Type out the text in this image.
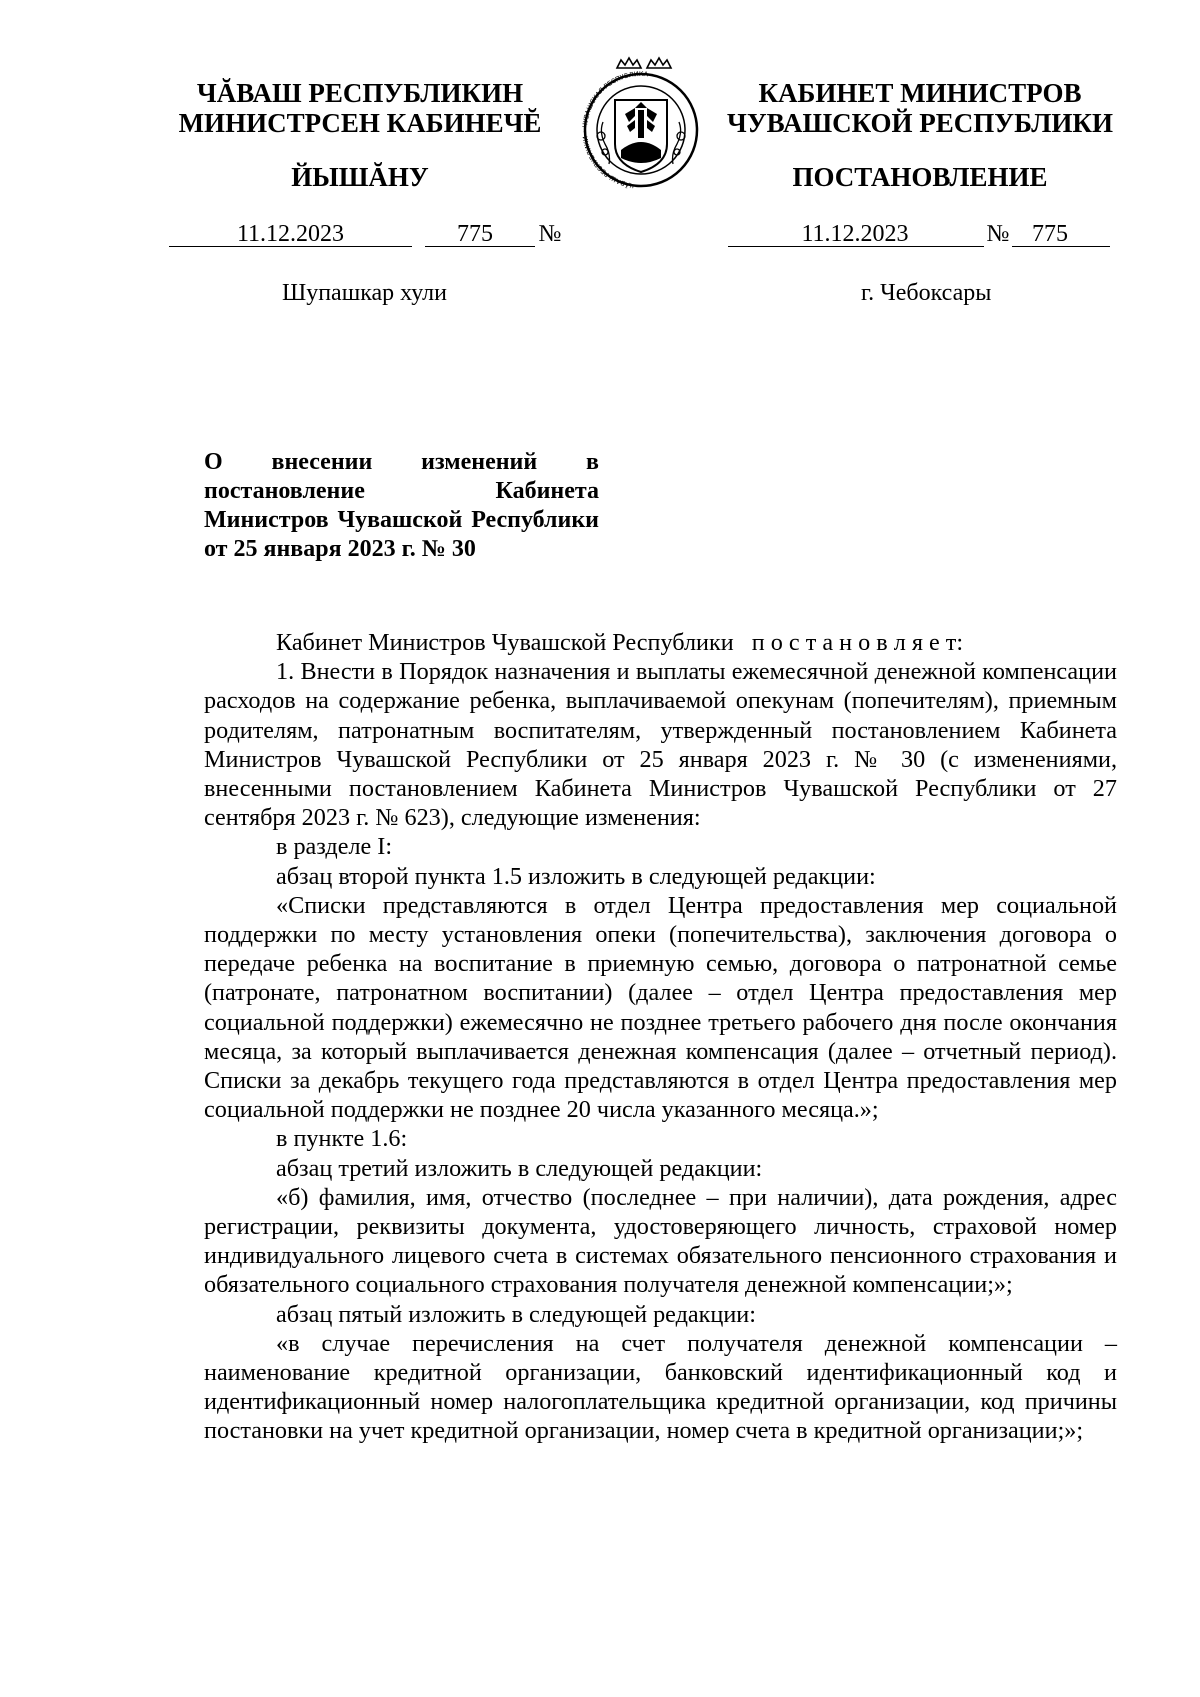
ЧĂВАШ РЕСПУБЛИКИН
МИНИСТРСЕН КАБИНЕЧĔ
ЙЫШĂНУ
11.12.2023	775	№
Шупашкар хули
ЧĂВАШ РЕСПУБЛИКИ • ЧУВАШСКАЯ РЕСПУБЛИКА •
КАБИНЕТ МИНИСТРОВ
ЧУВАШСКОЙ РЕСПУБЛИКИ
ПОСТАНОВЛЕНИЕ
11.12.2023	№ 775
г. Чебоксары
О внесении изменений в постановление Кабинета Министров Чувашской Республики от 25 января 2023 г. № 30

Кабинет Министров Чувашской Республики п о с т а н о в л я е т:

1. Внести в Порядок назначения и выплаты ежемесячной денежной компенсации расходов на содержание ребенка, выплачиваемой опекунам (попечителям), приемным родителям, патронатным воспитателям, утвержденный постановлением Кабинета Министров Чувашской Республики от 25 января 2023 г. № 30 (с изменениями, внесенными постановлением Кабинета Министров Чувашской Республики от 27 сентября 2023 г. № 623), следующие изменения:

в разделе I:

абзац второй пункта 1.5 изложить в следующей редакции:

«Списки представляются в отдел Центра предоставления мер социальной поддержки по месту установления опеки (попечительства), заключения договора о передаче ребенка на воспитание в приемную семью, договора о патронатной семье (патронате, патронатном воспитании) (далее – отдел Центра предоставления мер социальной поддержки) ежемесячно не позднее третьего рабочего дня после окончания месяца, за который выплачивается денежная компенсация (далее – отчетный период). Списки за декабрь текущего года представляются в отдел Центра предоставления мер социальной поддержки не позднее 20 числа указанного месяца.»;

в пункте 1.6:

абзац третий изложить в следующей редакции:

«б) фамилия, имя, отчество (последнее – при наличии), дата рождения, адрес регистрации, реквизиты документа, удостоверяющего личность, страховой номер индивидуального лицевого счета в системах обязательного пенсионного страхования и обязательного социального страхования получателя денежной компенсации;»;

абзац пятый изложить в следующей редакции:

«в случае перечисления на счет получателя денежной компенсации – наименование кредитной организации, банковский идентификационный код и идентификационный номер налогоплательщика кредитной организации, код причины постановки на учет кредитной организации, номер счета в кредитной организации;»;
